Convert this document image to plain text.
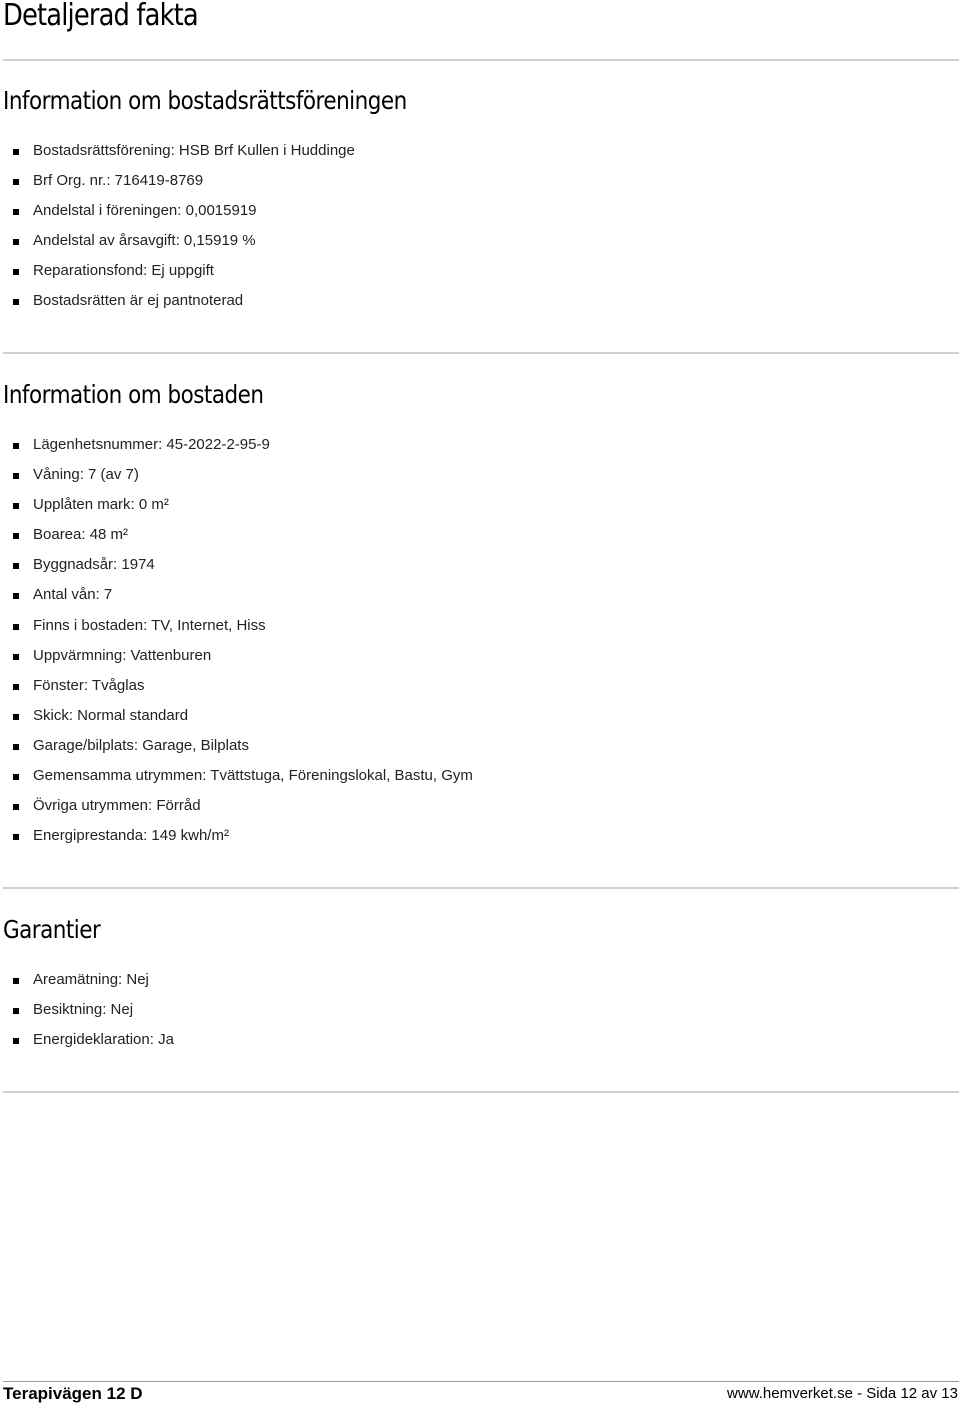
Detaljerad fakta
Information om bostadsrättsföreningen
Bostadsrättsförening: HSB Brf Kullen i Huddinge
Brf Org. nr.: 716419-8769
Andelstal i föreningen: 0,0015919
Andelstal av årsavgift: 0,15919 %
Reparationsfond: Ej uppgift
Bostadsrätten är ej pantnoterad
Information om bostaden
Lägenhetsnummer: 45-2022-2-95-9
Våning: 7 (av 7)
Upplåten mark: 0 m²
Boarea: 48 m²
Byggnadsår: 1974
Antal vån: 7
Finns i bostaden: TV, Internet, Hiss
Uppvärmning: Vattenburen
Fönster: Tvåglas
Skick: Normal standard
Garage/bilplats: Garage, Bilplats
Gemensamma utrymmen: Tvättstuga, Föreningslokal, Bastu, Gym
Övriga utrymmen: Förråd
Energiprestanda: 149 kwh/m²
Garantier
Areamätning: Nej
Besiktning: Nej
Energideklaration: Ja
Terapivägen 12 D	www.hemverket.se - Sida 12 av 13
